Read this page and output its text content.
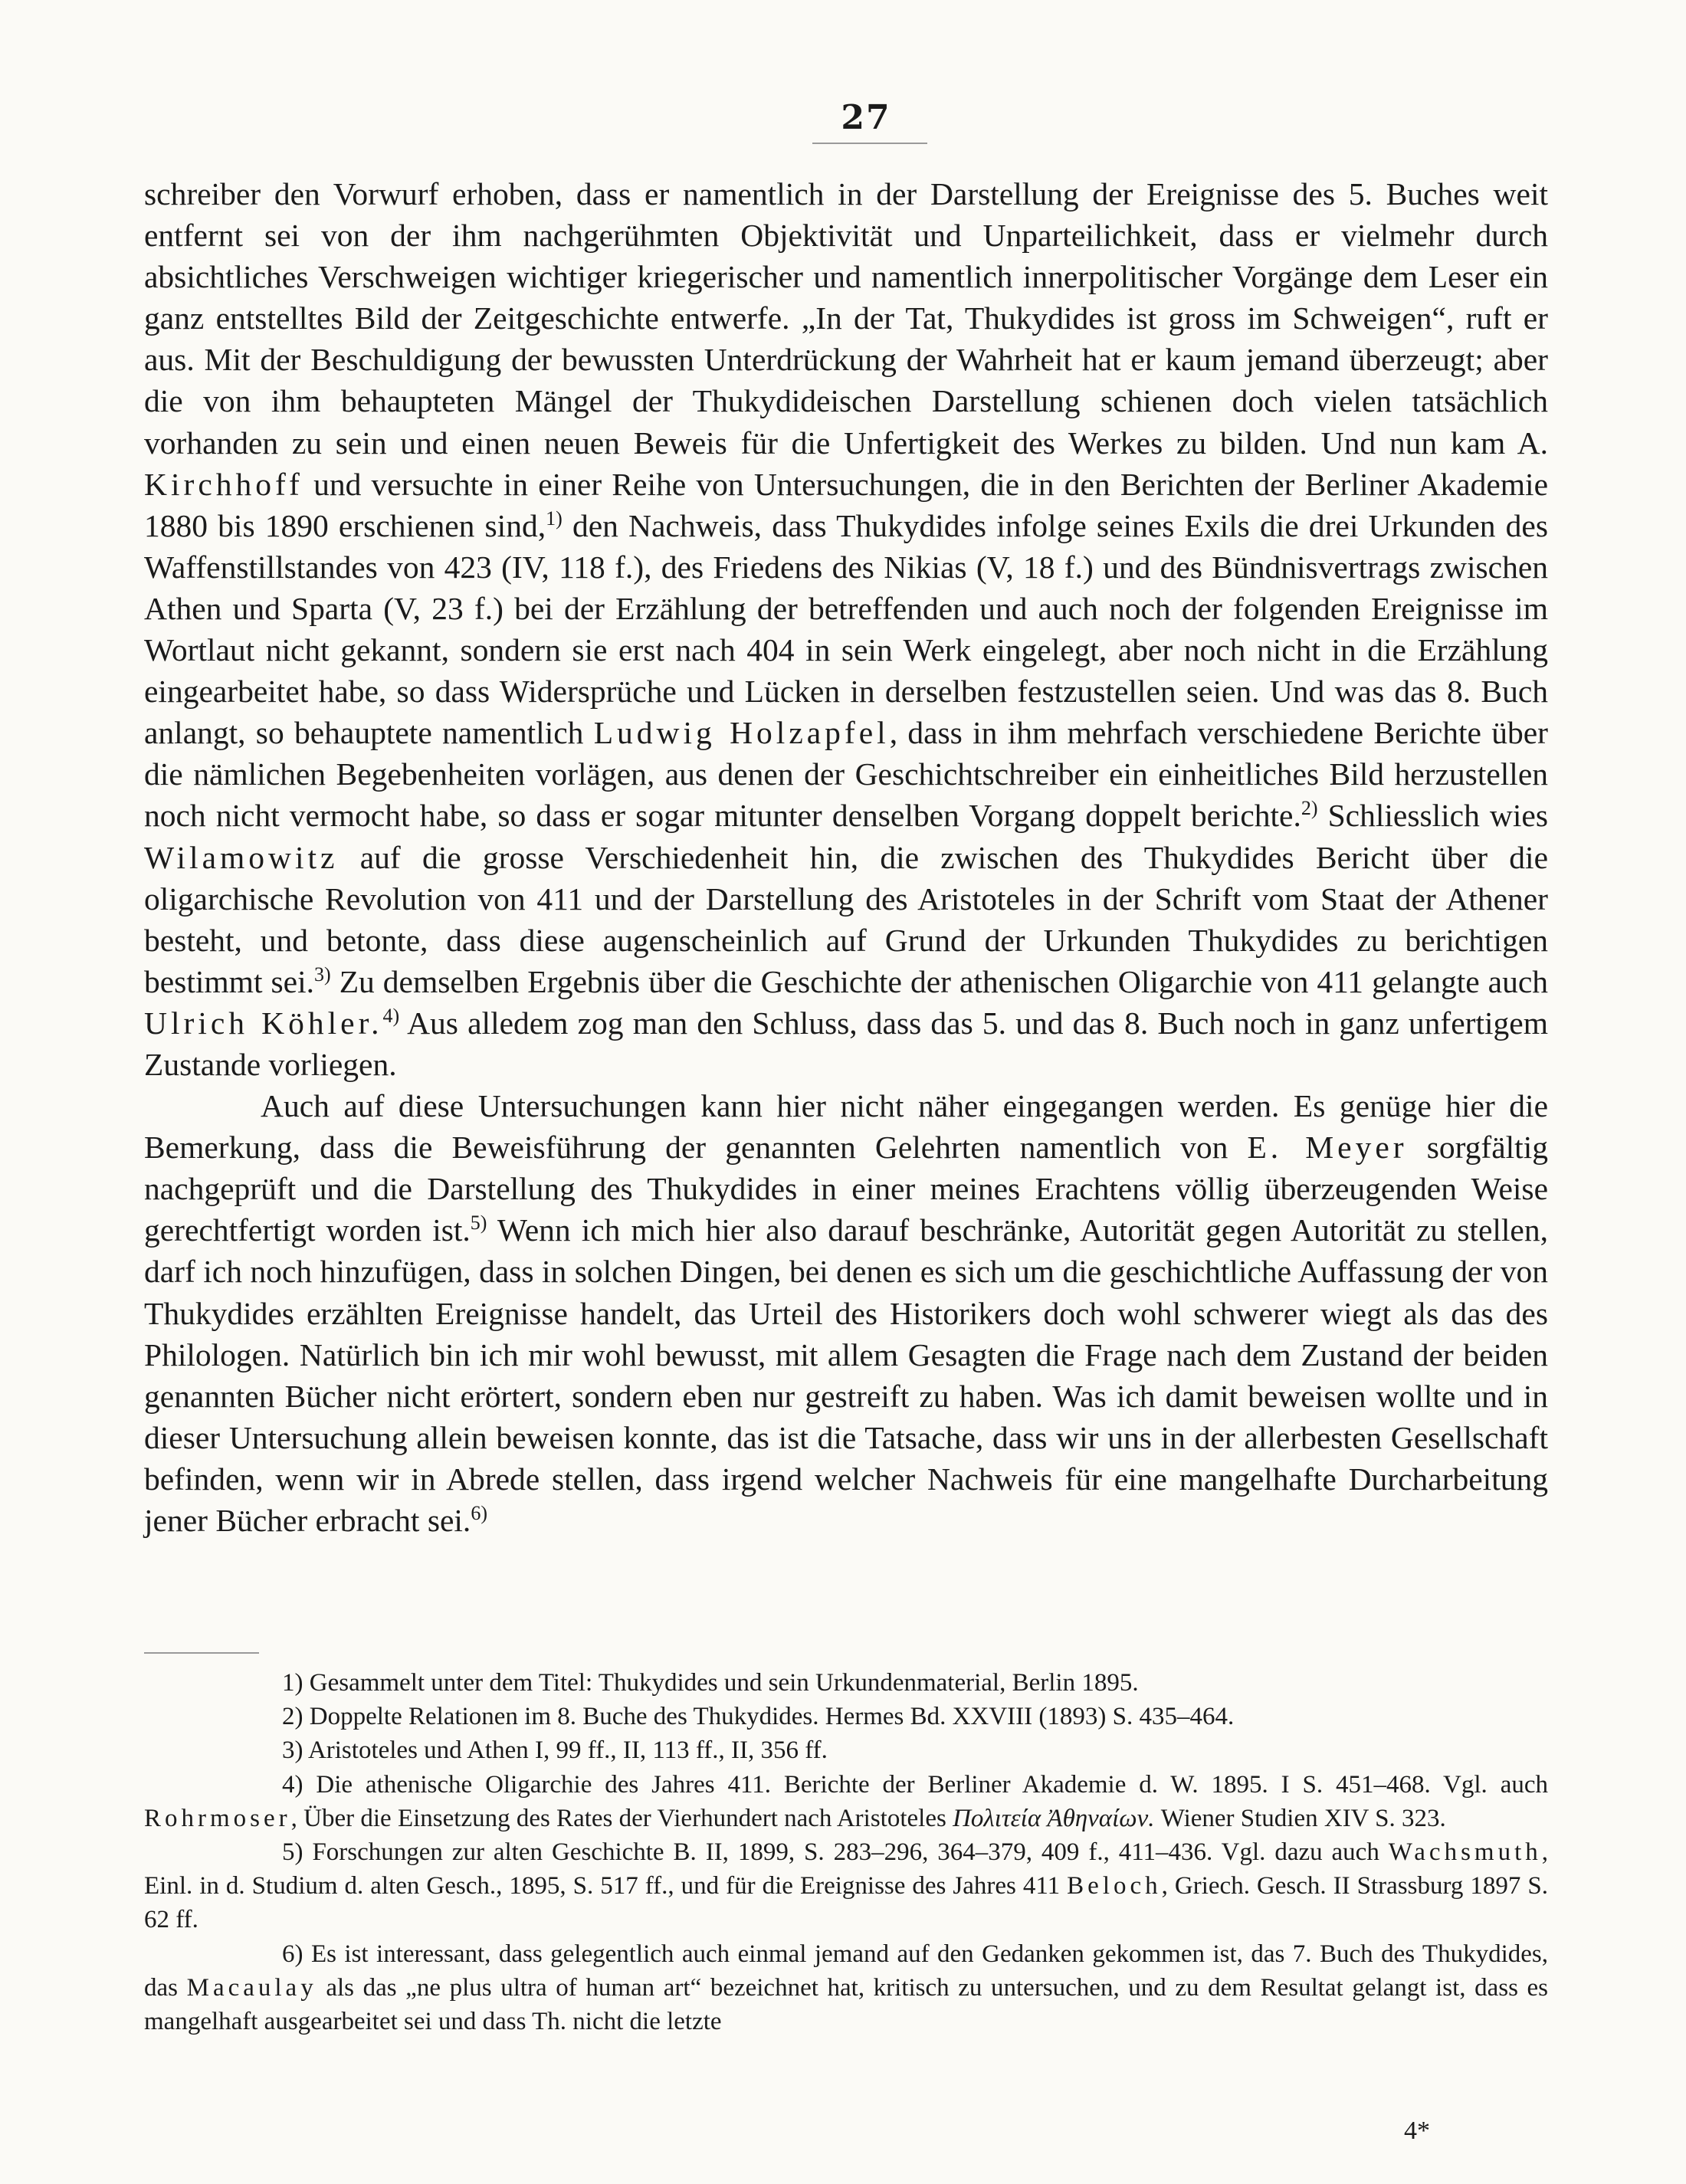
27

schreiber den Vorwurf erhoben, dass er namentlich in der Darstellung der Ereignisse des 5. Buches weit entfernt sei von der ihm nachgerühmten Objektivität und Unparteilichkeit, dass er vielmehr durch absichtliches Verschweigen wichtiger kriegerischer und namentlich innerpolitischer Vorgänge dem Leser ein ganz entstelltes Bild der Zeitgeschichte entwerfe. „In der Tat, Thukydides ist gross im Schweigen“, ruft er aus. Mit der Beschuldigung der bewussten Unterdrückung der Wahrheit hat er kaum jemand überzeugt; aber die von ihm behaupteten Mängel der Thukydideischen Darstellung schienen doch vielen tatsächlich vorhanden zu sein und einen neuen Beweis für die Unfertigkeit des Werkes zu bilden. Und nun kam A. Kirchhoff und versuchte in einer Reihe von Untersuchungen, die in den Berichten der Berliner Akademie 1880 bis 1890 erschienen sind,$^{1)}$ den Nachweis, dass Thukydides infolge seines Exils die drei Urkunden des Waffenstillstandes von 423 (IV, 118 f.), des Friedens des Nikias (V, 18 f.) und des Bündnisvertrags zwischen Athen und Sparta (V, 23 f.) bei der Erzählung der betreffenden und auch noch der folgenden Ereignisse im Wortlaut nicht gekannt, sondern sie erst nach 404 in sein Werk eingelegt, aber noch nicht in die Erzählung eingearbeitet habe, so dass Widersprüche und Lücken in derselben festzustellen seien. Und was das 8. Buch anlangt, so behauptete namentlich Ludwig Holzapfel, dass in ihm mehrfach verschiedene Berichte über die nämlichen Begebenheiten vorlägen, aus denen der Geschichtschreiber ein einheitliches Bild herzustellen noch nicht vermocht habe, so dass er sogar mitunter denselben Vorgang doppelt berichte.$^{2)}$ Schliesslich wies Wilamowitz auf die grosse Verschiedenheit hin, die zwischen des Thukydides Bericht über die oligarchische Revolution von 411 und der Darstellung des Aristoteles in der Schrift vom Staat der Athener besteht, und betonte, dass diese augenscheinlich auf Grund der Urkunden Thukydides zu berichtigen bestimmt sei.$^{3)}$ Zu demselben Ergebnis über die Geschichte der athenischen Oligarchie von 411 gelangte auch Ulrich Köhler.$^{4)}$ Aus alledem zog man den Schluss, dass das 5. und das 8. Buch noch in ganz unfertigem Zustande vorliegen.

Auch auf diese Untersuchungen kann hier nicht näher eingegangen werden. Es genüge hier die Bemerkung, dass die Beweisführung der genannten Gelehrten namentlich von E. Meyer sorgfältig nachgeprüft und die Darstellung des Thukydides in einer meines Erachtens völlig überzeugenden Weise gerechtfertigt worden ist.$^{5)}$ Wenn ich mich hier also darauf beschränke, Autorität gegen Autorität zu stellen, darf ich noch hinzufügen, dass in solchen Dingen, bei denen es sich um die geschichtliche Auffassung der von Thukydides erzählten Ereignisse handelt, das Urteil des Historikers doch wohl schwerer wiegt als das des Philologen. Natürlich bin ich mir wohl bewusst, mit allem Gesagten die Frage nach dem Zustand der beiden genannten Bücher nicht erörtert, sondern eben nur gestreift zu haben. Was ich damit beweisen wollte und in dieser Untersuchung allein beweisen konnte, das ist die Tatsache, dass wir uns in der allerbesten Gesellschaft befinden, wenn wir in Abrede stellen, dass irgend welcher Nachweis für eine mangelhafte Durcharbeitung jener Bücher erbracht sei.$^{6)}$

1) Gesammelt unter dem Titel: Thukydides und sein Urkundenmaterial, Berlin 1895.

2) Doppelte Relationen im 8. Buche des Thukydides. Hermes Bd. XXVIII (1893) S. 435–464.

3) Aristoteles und Athen I, 99 ff., II, 113 ff., II, 356 ff.

4) Die athenische Oligarchie des Jahres 411. Berichte der Berliner Akademie d. W. 1895. I S. 451–468. Vgl. auch Rohrmoser, Über die Einsetzung des Rates der Vierhundert nach Aristoteles Πολιτεία Ἀθηναίων. Wiener Studien XIV S. 323.

5) Forschungen zur alten Geschichte B. II, 1899, S. 283–296, 364–379, 409 f., 411–436. Vgl. dazu auch Wachsmuth, Einl. in d. Studium d. alten Gesch., 1895, S. 517 ff., und für die Ereignisse des Jahres 411 Beloch, Griech. Gesch. II Strassburg 1897 S. 62 ff.

6) Es ist interessant, dass gelegentlich auch einmal jemand auf den Gedanken gekommen ist, das 7. Buch des Thukydides, das Macaulay als das „ne plus ultra of human art“ bezeichnet hat, kritisch zu untersuchen, und zu dem Resultat gelangt ist, dass es mangelhaft ausgearbeitet sei und dass Th. nicht die letzte

4*
